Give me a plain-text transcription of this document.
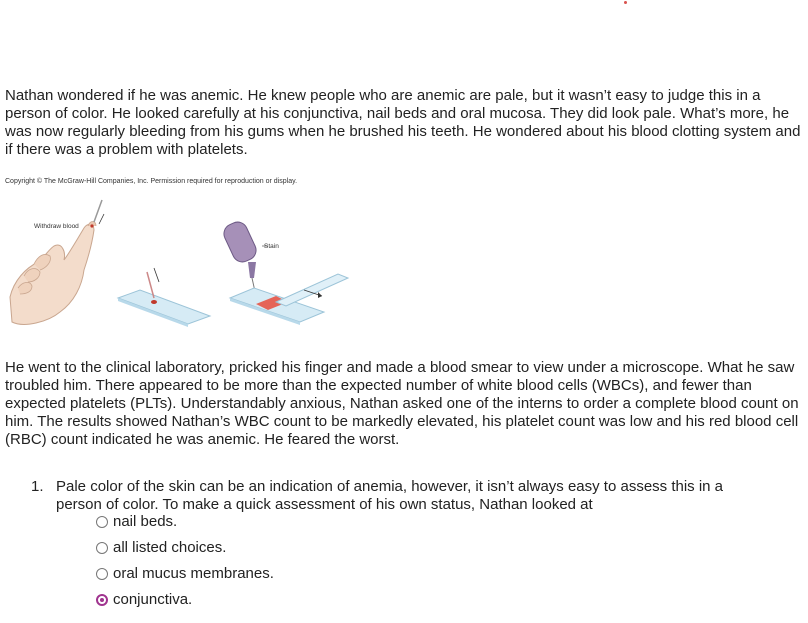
Nathan wondered if he was anemic. He knew people who are anemic are pale, but it wasn’t easy to judge this in a person of color. He looked carefully at his conjunctiva, nail beds and oral mucosa. They did look pale. What’s more, he was now regularly bleeding from his gums when he brushed his teeth. He wondered about his blood clotting system and if there was a problem with platelets.

Copyright © The McGraw-Hill Companies, Inc. Permission required for reproduction or display.

Withdraw blood
Stain

He went to the clinical laboratory, pricked his finger and made a blood smear to view under a microscope. What he saw troubled him. There appeared to be more than the expected number of white blood cells (WBCs), and fewer than expected platelets (PLTs). Understandably anxious, Nathan asked one of the interns to order a complete blood count on him. The results showed Nathan’s WBC count to be markedly elevated, his platelet count was low and his red blood cell (RBC) count indicated he was anemic. He feared the worst.

1. Pale color of the skin can be an indication of anemia, however, it isn’t always easy to assess this in a person of color. To make a quick assessment of his own status, Nathan looked at
nail beds.
all listed choices.
oral mucus membranes.
conjunctiva.
